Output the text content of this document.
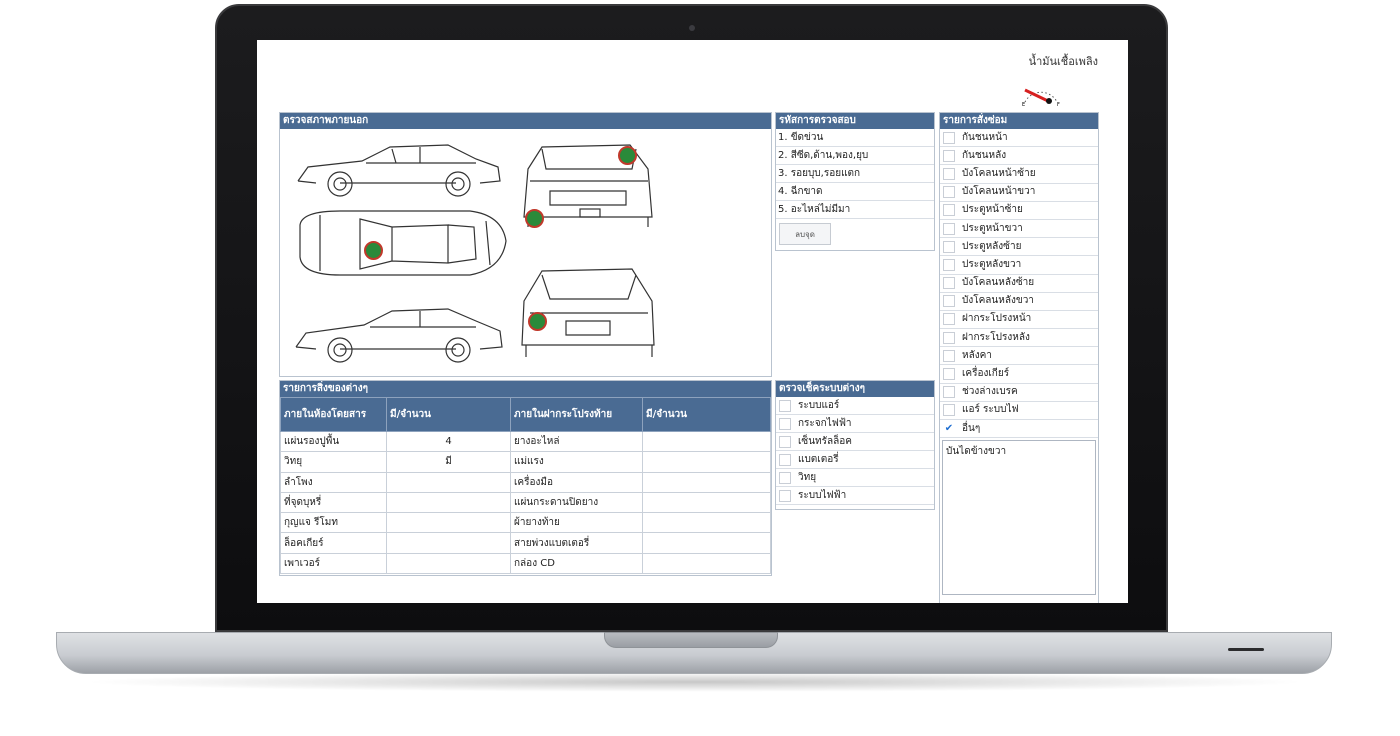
น้ำมันเชื้อเพลิง
E	F
ตรวจสภาพภายนอก	รหัสการตรวจสอบ
1. ขีดข่วน
2. สีซีด,ด้าน,พอง,ยุบ
3. รอยบุบ,รอยแตก
4. ฉีกขาด
5. อะไหล่ไม่มีมา
ลบจุด
รายการสั่งซ่อม
กันชนหน้า
กันชนหลัง
บังโคลนหน้าซ้าย
บังโคลนหน้าขวา
ประตูหน้าซ้าย
ประตูหน้าขวา
ประตูหลังซ้าย
ประตูหลังขวา
บังโคลนหลังซ้าย
บังโคลนหลังขวา
ฝากระโปรงหน้า
ฝากระโปรงหลัง
หลังคา
เครื่องเกียร์
ช่วงล่างเบรค
แอร์ ระบบไฟ
✔ อื่นๆ
บันไดข้างขวา
ตรวจเช็คระบบต่างๆ
ระบบแอร์
กระจกไฟฟ้า
เซ็นทรัลล็อค
แบตเตอรี่
วิทยุ
ระบบไฟฟ้า
รายการสิ่งของต่างๆ
ภายในห้องโดยสาร	มี/จำนวน	ภายในฝากระโปรงท้าย	มี/จำนวน
แผ่นรองปูพื้น	4	ยางอะไหล่	
วิทยุ	มี	แม่แรง	
ลำโพง		เครื่องมือ	
ที่จุดบุหรี่		แผ่นกระดานปิดยาง	
กุญแจ รีโมท		ผ้ายางท้าย	
ล็อคเกียร์		สายพ่วงแบตเตอรี่	
เพาเวอร์		กล่อง CD	
